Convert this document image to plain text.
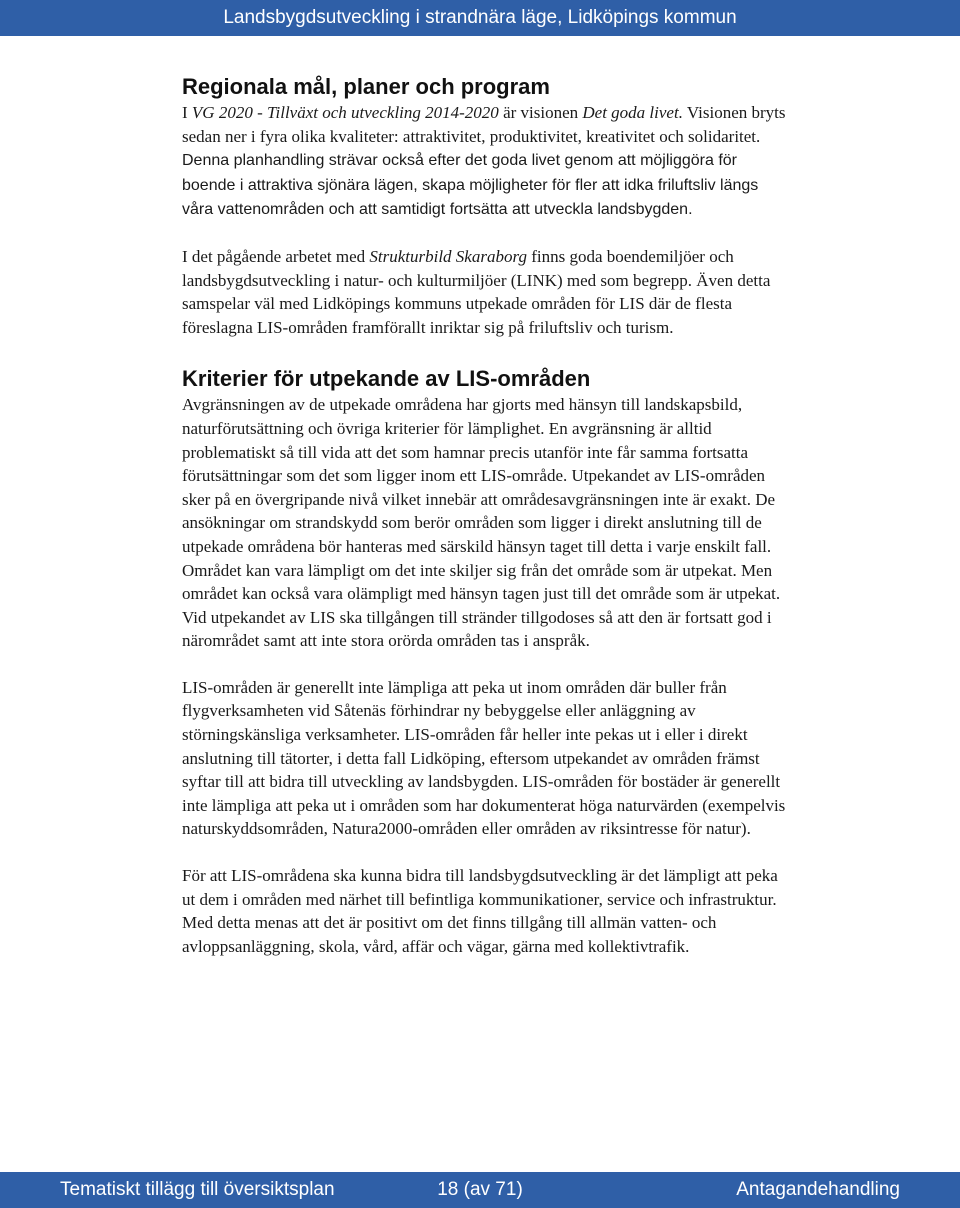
Landsbygdsutveckling i strandnära läge, Lidköpings kommun
Regionala mål, planer och program

I VG 2020 - Tillväxt och utveckling 2014-2020 är visionen Det goda livet. Visionen bryts sedan ner i fyra olika kvaliteter: attraktivitet, produktivitet, kreativitet och solidaritet. Denna planhandling strävar också efter det goda livet genom att möjliggöra för boende i attraktiva sjönära lägen, skapa möjligheter för fler att idka friluftsliv längs våra vattenområden och att samtidigt fortsätta att utveckla landsbygden.

I det pågående arbetet med Strukturbild Skaraborg finns goda boendemiljöer och landsbygdsutveckling i natur- och kulturmiljöer (LINK) med som begrepp. Även detta samspelar väl med Lidköpings kommuns utpekade områden för LIS där de flesta föreslagna LIS-områden framförallt inriktar sig på friluftsliv och turism.

Kriterier för utpekande av LIS-områden

Avgränsningen av de utpekade områdena har gjorts med hänsyn till landskapsbild, naturförutsättning och övriga kriterier för lämplighet. En avgränsning är alltid problematiskt så till vida att det som hamnar precis utanför inte får samma fortsatta förutsättningar som det som ligger inom ett LIS-område. Utpekandet av LIS-områden sker på en övergripande nivå vilket innebär att områdesavgränsningen inte är exakt. De ansökningar om strandskydd som berör områden som ligger i direkt anslutning till de utpekade områdena bör hanteras med särskild hänsyn taget till detta i varje enskilt fall. Området kan vara lämpligt om det inte skiljer sig från det område som är utpekat. Men området kan också vara olämpligt med hänsyn tagen just till det område som är utpekat. Vid utpekandet av LIS ska tillgången till stränder tillgodoses så att den är fortsatt god i närområdet samt att inte stora orörda områden tas i anspråk.

LIS-områden är generellt inte lämpliga att peka ut inom områden där buller från flygverksamheten vid Såtenäs förhindrar ny bebyggelse eller anläggning av störningskänsliga verksamheter. LIS-områden får heller inte pekas ut i eller i direkt anslutning till tätorter, i detta fall Lidköping, eftersom utpekandet av områden främst syftar till att bidra till utveckling av landsbygden. LIS-områden för bostäder är generellt inte lämpliga att peka ut i områden som har dokumenterat höga naturvärden (exempelvis naturskyddsområden, Natura2000-områden eller områden av riksintresse för natur).

För att LIS-områdena ska kunna bidra till landsbygdsutveckling är det lämpligt att peka ut dem i områden med närhet till befintliga kommunikationer, service och infrastruktur. Med detta menas att det är positivt om det finns tillgång till allmän vatten- och avloppsanläggning, skola, vård, affär och vägar, gärna med kollektivtrafik.

Tematiskt tillägg till översiktsplan	18 (av 71)	Antagandehandling
